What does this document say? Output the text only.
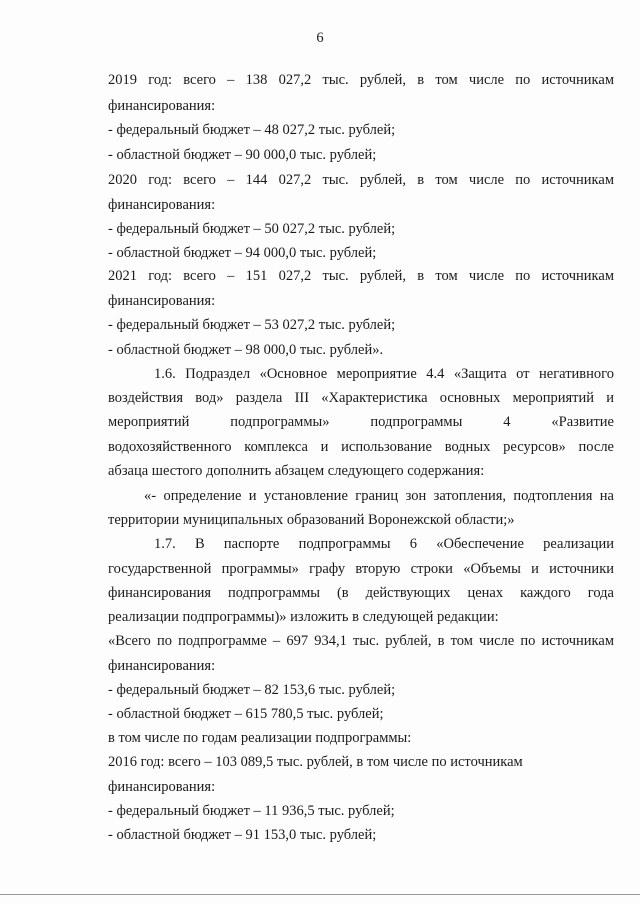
6
2019 год: всего – 138 027,2 тыс. рублей, в том числе по источникам
финансирования:
- федеральный бюджет – 48 027,2 тыс. рублей;
- областной бюджет – 90 000,0 тыс. рублей;
2020 год: всего – 144 027,2 тыс. рублей, в том числе по источникам
финансирования:
- федеральный бюджет – 50 027,2 тыс. рублей;
- областной бюджет – 94 000,0 тыс. рублей;
2021 год: всего – 151 027,2 тыс. рублей, в том числе по источникам
финансирования:
- федеральный бюджет – 53 027,2 тыс. рублей;
- областной бюджет – 98 000,0 тыс. рублей».
1.6. Подраздел «Основное мероприятие 4.4 «Защита от негативного
воздействия вод» раздела III «Характеристика основных мероприятий и
мероприятий подпрограммы» подпрограммы 4 «Развитие
водохозяйственного комплекса и использование водных ресурсов» после
абзаца шестого дополнить абзацем следующего содержания:
«- определение и установление границ зон затопления, подтопления на
территории муниципальных образований Воронежской области;»
1.7. В паспорте подпрограммы 6 «Обеспечение реализации
государственной программы» графу вторую строки «Объемы и источники
финансирования подпрограммы (в действующих ценах каждого года
реализации подпрограммы)» изложить в следующей редакции:
«Всего по подпрограмме – 697 934,1 тыс. рублей, в том числе по источникам
финансирования:
- федеральный бюджет – 82 153,6 тыс. рублей;
- областной бюджет – 615 780,5 тыс. рублей;
в том числе по годам реализации подпрограммы:
2016 год: всего – 103 089,5 тыс. рублей, в том числе по источникам
финансирования:
- федеральный бюджет – 11 936,5 тыс. рублей;
- областной бюджет – 91 153,0 тыс. рублей;
